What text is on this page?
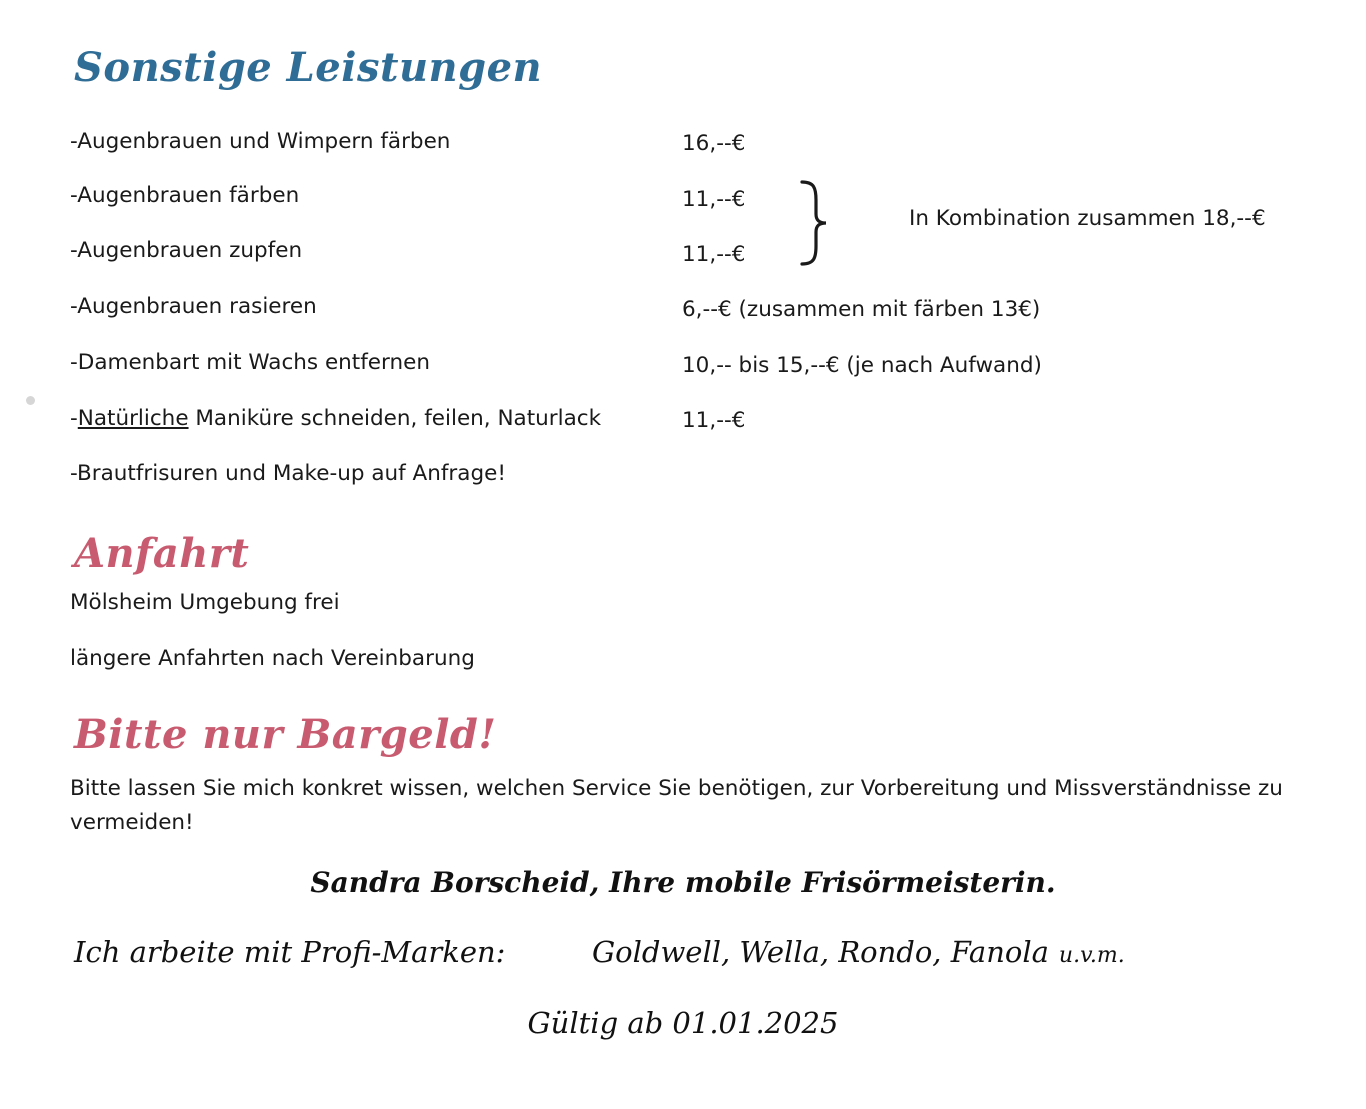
Sonstige Leistungen
-Augenbrauen und Wimpern färben	16,--€
-Augenbrauen färben	11,--€
-Augenbrauen zupfen	11,--€
In Kombination zusammen 18,--€
-Augenbrauen rasieren	6,--€ (zusammen mit färben 13€)
-Damenbart mit Wachs entfernen	10,-- bis 15,--€ (je nach Aufwand)
-Natürliche Maniküre schneiden, feilen, Naturlack	11,--€
-Brautfrisuren und Make-up auf Anfrage!
Anfahrt
Mölsheim Umgebung frei
längere Anfahrten nach Vereinbarung
Bitte nur Bargeld!
Bitte lassen Sie mich konkret wissen, welchen Service Sie benötigen, zur Vorbereitung und Missverständnisse zu vermeiden!
Sandra Borscheid, Ihre mobile Frisörmeisterin.
Ich arbeite mit Profi-Marken:	Goldwell, Wella, Rondo, Fanola u.v.m.
Gültig ab 01.01.2025
